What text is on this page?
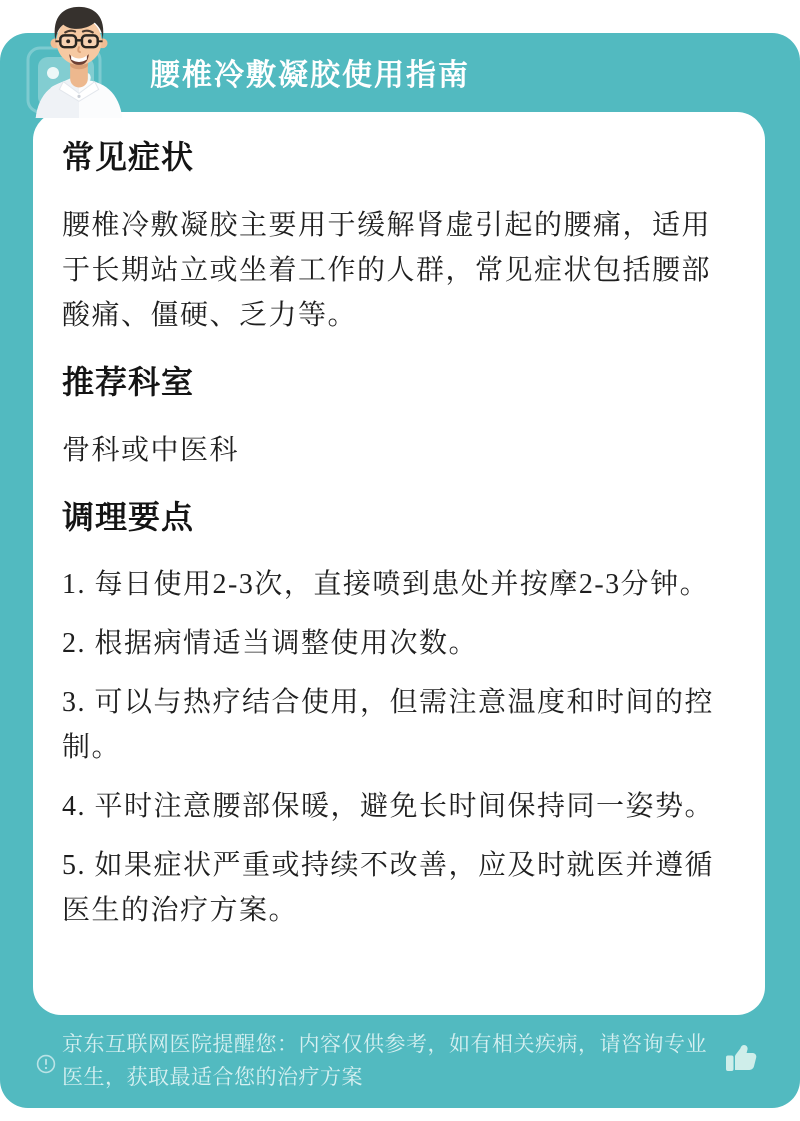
腰椎冷敷凝胶使用指南
常见症状

腰椎冷敷凝胶主要用于缓解肾虚引起的腰痛，适用于长期站立或坐着工作的人群，常见症状包括腰部酸痛、僵硬、乏力等。

推荐科室

骨科或中医科

调理要点

1. 每日使用2-3次，直接喷到患处并按摩2-3分钟。

2. 根据病情适当调整使用次数。

3. 可以与热疗结合使用，但需注意温度和时间的控制。

4. 平时注意腰部保暖，避免长时间保持同一姿势。

5. 如果症状严重或持续不改善，应及时就医并遵循医生的治疗方案。

京东互联网医院提醒您：内容仅供参考，如有相关疾病，请咨询专业医生，获取最适合您的治疗方案
